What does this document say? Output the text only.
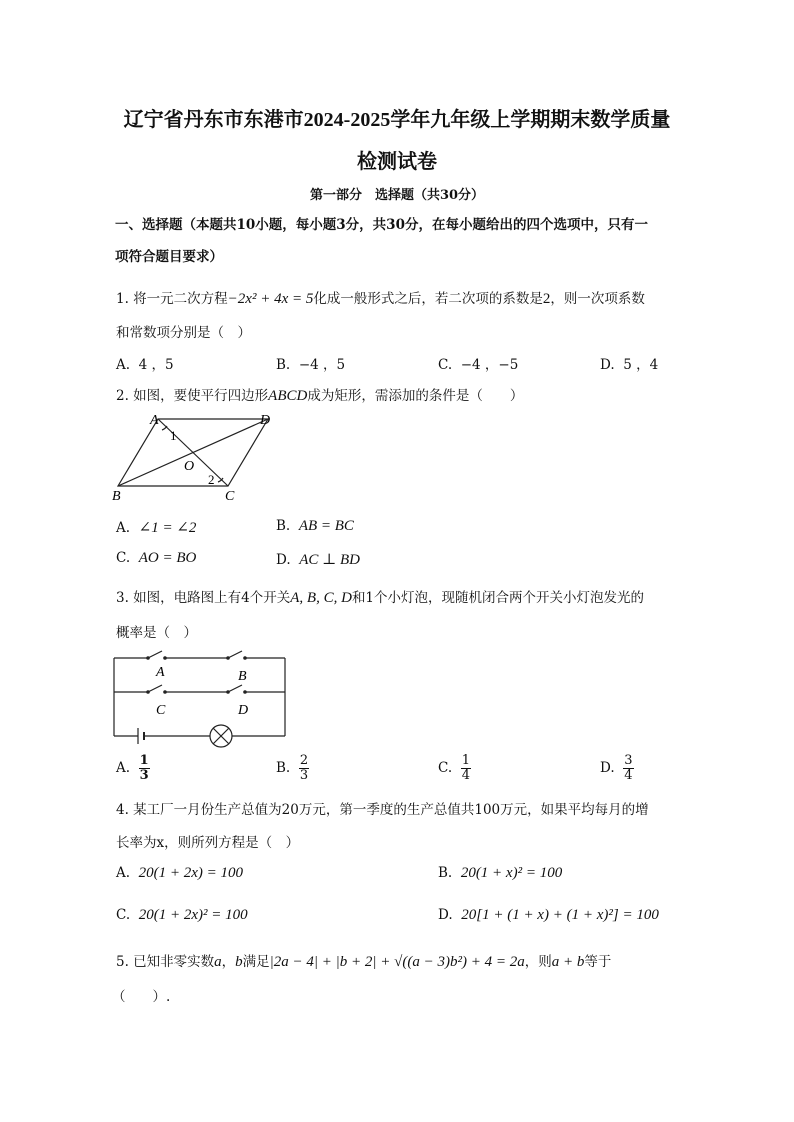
辽宁省丹东市东港市2024-2025学年九年级上学期期末数学质量
检测试卷
第一部分　选择题（共30分）
一、选择题（本题共10小题，每小题3分，共30分，在每小题给出的四个选项中，只有一
项符合题目要求）
1. 将一元二次方程−2x² + 4x = 5化成一般形式之后，若二次项的系数是2，则一次项系数
和常数项分别是（　）
A. 4 ，5	B. −4 ，5	C. −4 ，−5	D. 5 ，4
2. 如图，要使平行四边形ABCD成为矩形，需添加的条件是（　　）
A	D
B	C
O
1
2
A. ∠1 = ∠2	B. AB = BC
C. AO = BO	D. AC ⊥ BD
3. 如图，电路图上有4个开关A, B, C, D和1个小灯泡，现随机闭合两个开关小灯泡发光的
概率是（　）
A	B
C	D
A. $\frac{1}{3}$	B. $\frac{2}{3}$	C. $\frac{1}{4}$	D. $\frac{3}{4}$
4. 某工厂一月份生产总值为20万元，第一季度的生产总值共100万元，如果平均每月的增
长率为x，则所列方程是（　）
A. 20(1 + 2x) = 100	B. 20(1 + x)² = 100
C. 20(1 + 2x)² = 100	D. 20[1 + (1 + x) + (1 + x)²] = 100
5. 已知非零实数a，b满足|2a − 4| + |b + 2| + √((a − 3)b²) + 4 = 2a，则a + b等于
（　　）.
